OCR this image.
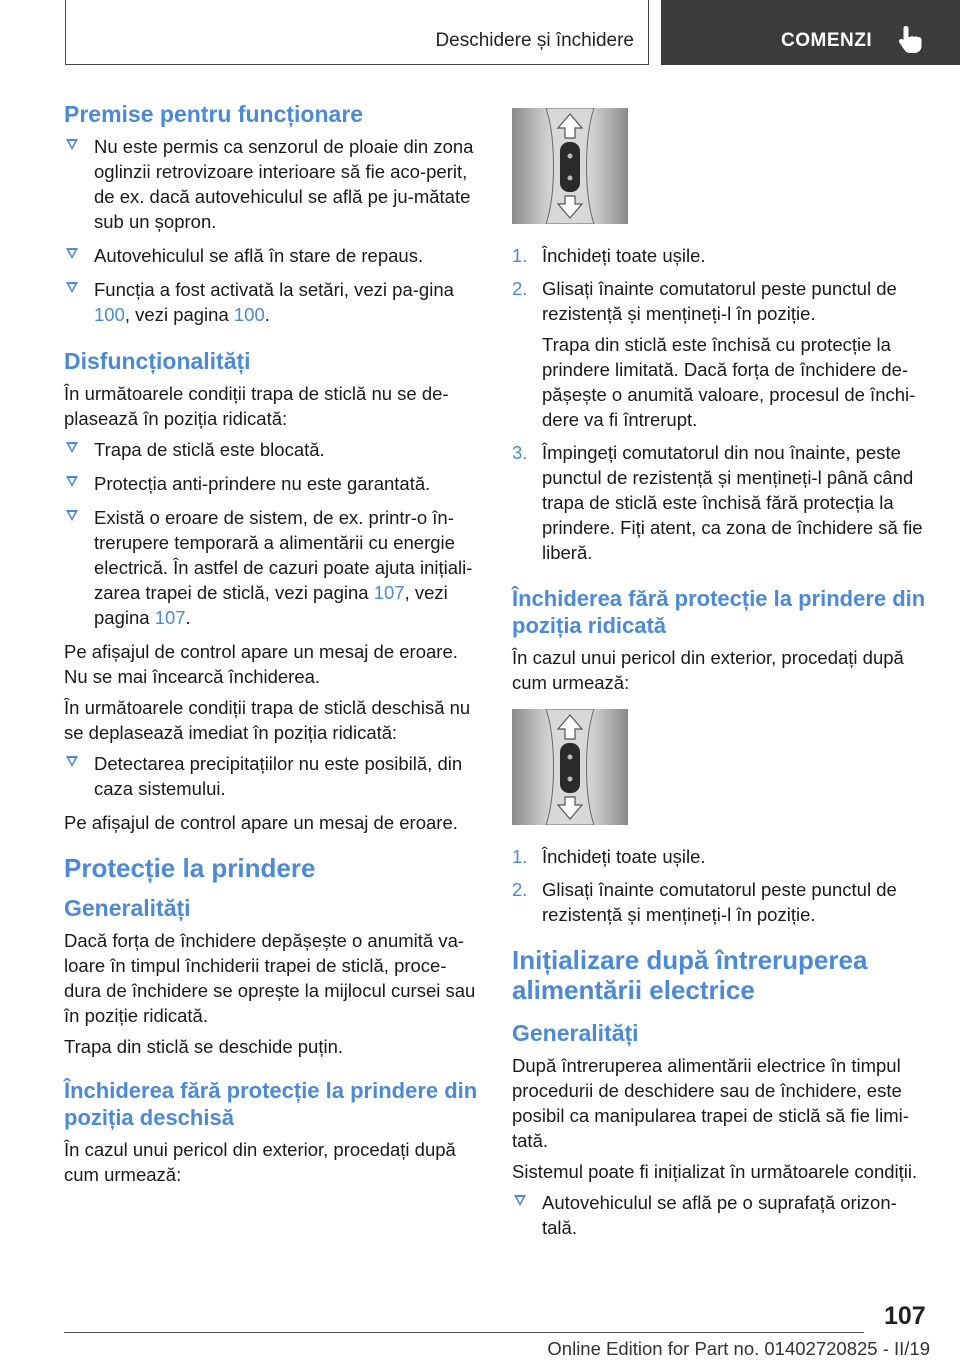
Deschidere și închidere	COMENZI
Premise pentru funcționare
Nu este permis ca senzorul de ploaie din zona oglinzii retrovizoare interioare să fie aco-perit, de ex. dacă autovehiculul se află pe ju-mătate sub un șopron.
Autovehiculul se află în stare de repaus.
Funcția a fost activată la setări, vezi pa-gina 100, vezi pagina 100.
Disfuncționalități

În următoarele condiții trapa de sticlă nu se de-plasează în poziția ridicată:

Trapa de sticlă este blocată.
Protecția anti-prindere nu este garantată.
Există o eroare de sistem, de ex. printr-o în-trerupere temporară a alimentării cu energie electrică. În astfel de cazuri poate ajuta inițiali-zarea trapei de sticlă, vezi pagina 107, vezi pagina 107.

Pe afișajul de control apare un mesaj de eroare. Nu se mai încearcă închiderea.

În următoarele condiții trapa de sticlă deschisă nu se deplasează imediat în poziția ridicată:

Detectarea precipitațiilor nu este posibilă, din caza sistemului.

Pe afișajul de control apare un mesaj de eroare.

Protecție la prindere
Generalități

Dacă forța de închidere depășește o anumită va-loare în timpul închiderii trapei de sticlă, proce-dura de închidere se oprește la mijlocul cursei sau în poziție ridicată.

Trapa din sticlă se deschide puțin.

Închiderea fără protecție la prindere din poziția deschisă

În cazul unui pericol din exterior, procedați după cum urmează:

1. Închideți toate ușile.
2. Glisați înainte comutatorul peste punctul de rezistență și mențineți-l în poziție.

Trapa din sticlă este închisă cu protecție la prindere limitată. Dacă forța de închidere de-pășește o anumită valoare, procesul de închi-dere va fi întrerupt.

3. Împingeți comutatorul din nou înainte, peste punctul de rezistență și mențineți-l până când trapa de sticlă este închisă fără protecția la prindere. Fiți atent, ca zona de închidere să fie liberă.
Închiderea fără protecție la prindere din poziția ridicată

În cazul unui pericol din exterior, procedați după cum urmează:

1. Închideți toate ușile.
2. Glisați înainte comutatorul peste punctul de rezistență și mențineți-l în poziție.
Inițializare după întreruperea alimentării electrice
Generalități

După întreruperea alimentării electrice în timpul procedurii de deschidere sau de închidere, este posibil ca manipularea trapei de sticlă să fie limi-tată.

Sistemul poate fi inițializat în următoarele condiții.

Autovehiculul se află pe o suprafață orizon-tală.
107
Online Edition for Part no. 01402720825 - II/19
